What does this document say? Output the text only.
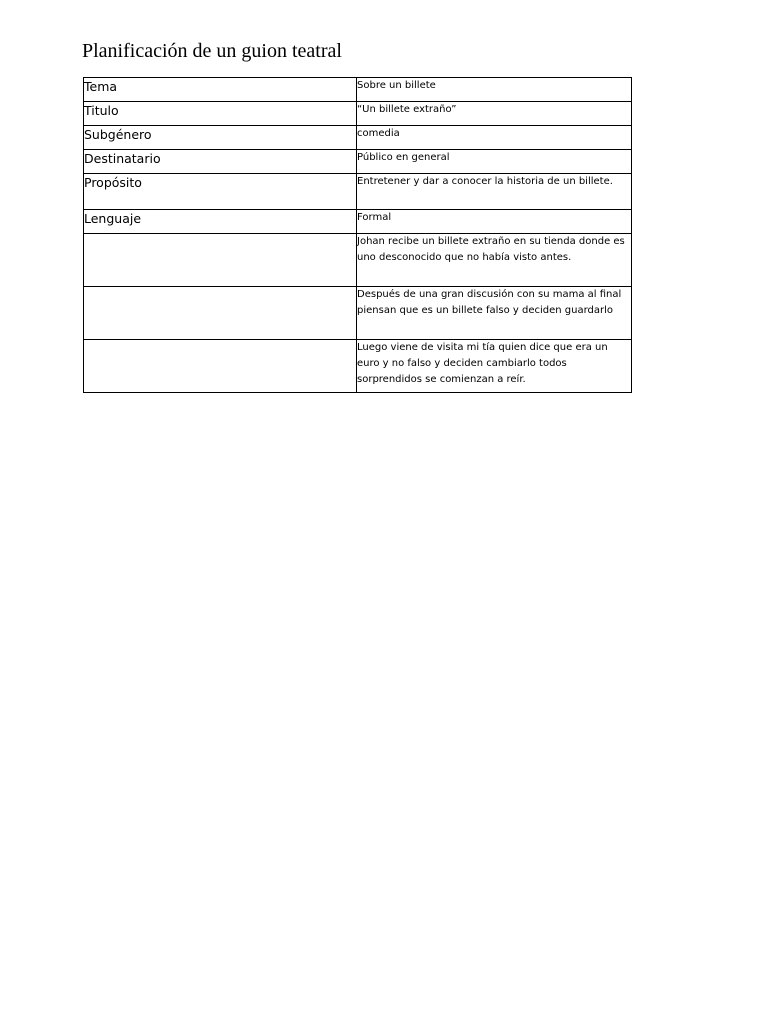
Planificación de un guion teatral
Tema	Sobre un billete
Titulo	“Un billete extraño”
Subgénero	comedia
Destinatario	Público en general
Propósito	Entretener y dar a conocer la historia de un billete.
Lenguaje	Formal
	Johan recibe un billete extraño en su tienda donde es uno desconocido que no había visto antes.
	Después de una gran discusión con su mama al final piensan que es un billete falso y deciden guardarlo
	Luego viene de visita mi tía quien dice que era un euro y no falso y deciden cambiarlo todos sorprendidos se comienzan a reír.
